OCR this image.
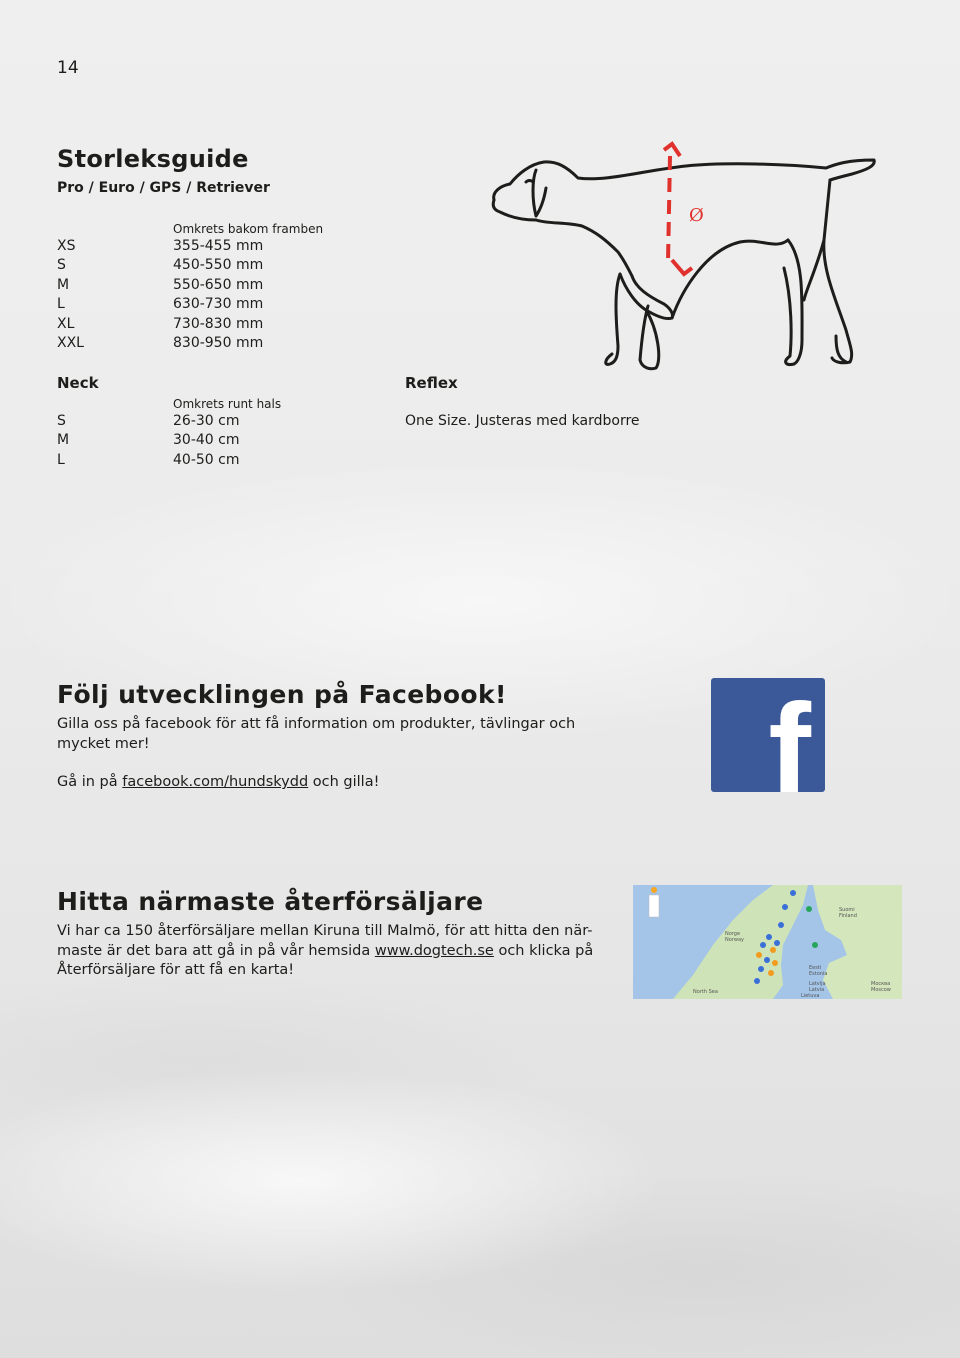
14
Storleksguide
Pro / Euro / GPS / Retriever
Omkrets bakom framben
XS
S
M
L
XL
XXL
355-455 mm
450-550 mm
550-650 mm
630-730 mm
730-830 mm
830-950 mm
Ø
Neck
Omkrets runt hals
S
M
L
26-30 cm
30-40 cm
40-50 cm
Reflex
One Size. Justeras med kardborre
Följ utvecklingen på Facebook!
Gilla oss på facebook för att få information om produkter, tävlingar och
mycket mer!
Gå in på facebook.com/hundskydd och gilla!	f
Hitta närmaste återförsäljare
Vi har ca 150 återförsäljare mellan Kiruna till Malmö, för att hitta den när-
maste är det bara att gå in på vår hemsida www.dogtech.se och klicka på
Återförsäljare för att få en karta!
Norge
Norway
Suomi
Finland
Eesti
Estonia
Latvija
Latvia
Lietuva
Москва
Moscow
North Sea
